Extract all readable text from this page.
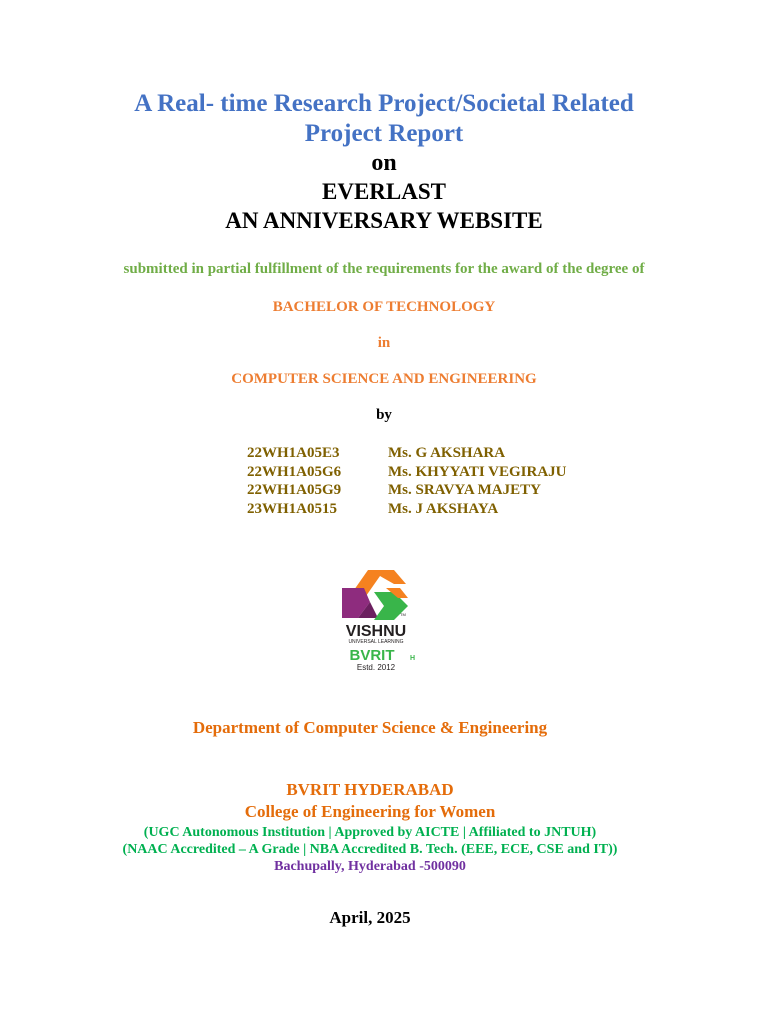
A Real- time Research Project/Societal Related
Project Report
on
EVERLAST
AN ANNIVERSARY WEBSITE
submitted in partial fulfillment of the requirements for the award of the degree of
BACHELOR OF TECHNOLOGY
in
COMPUTER SCIENCE AND ENGINEERING
by
22WH1A05E3	Ms. G AKSHARA
22WH1A05G6	Ms. KHYYATI VEGIRAJU
22WH1A05G9	Ms. SRAVYA MAJETY
23WH1A0515	Ms. J AKSHAYA
TM
VISHNU
UNIVERSAL LEARNING
BVRIT H
Estd. 2012
Department of Computer Science & Engineering
BVRIT HYDERABAD
College of Engineering for Women
(UGC Autonomous Institution | Approved by AICTE | Affiliated to JNTUH)
(NAAC Accredited – A Grade | NBA Accredited B. Tech. (EEE, ECE, CSE and IT))
Bachupally, Hyderabad -500090
April, 2025
